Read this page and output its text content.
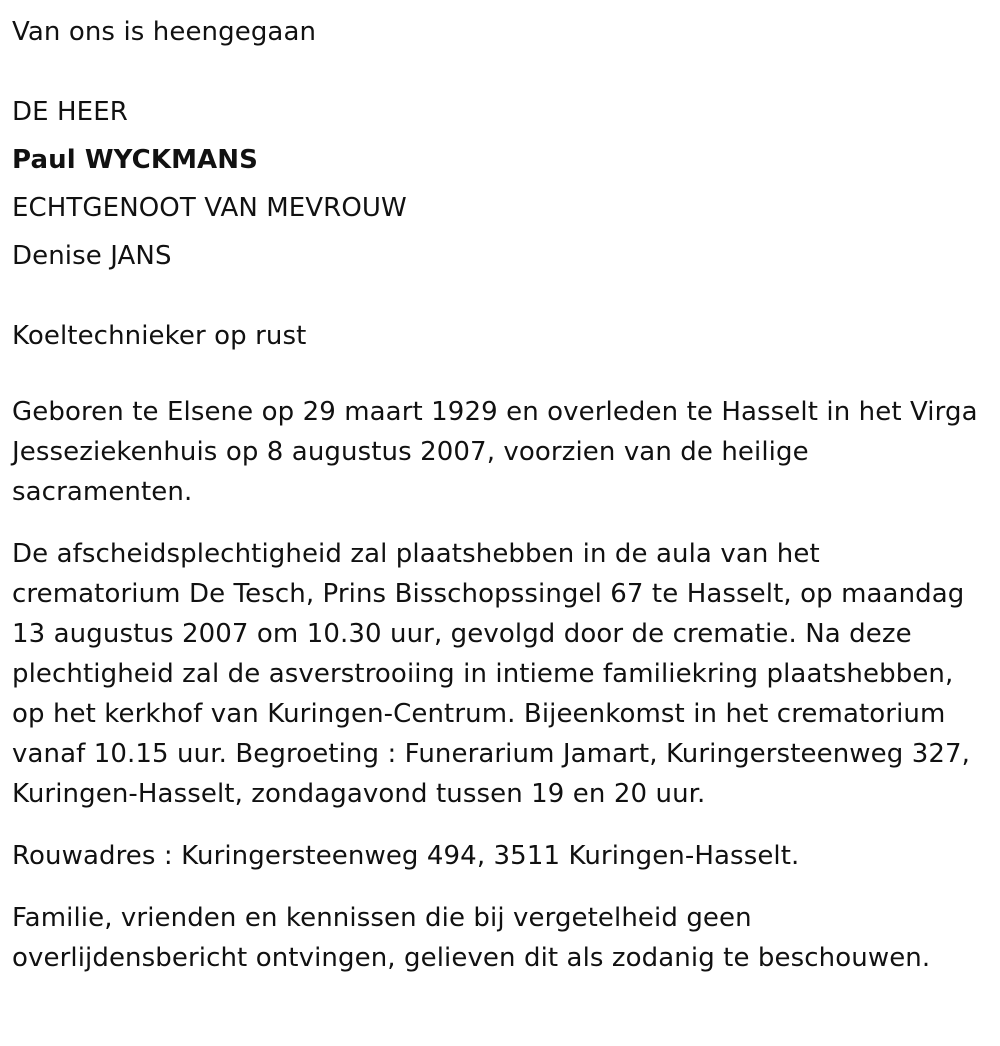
Van ons is heengegaan

DE HEER

Paul WYCKMANS

ECHTGENOOT VAN MEVROUW

Denise JANS

Koeltechnieker op rust

Geboren te Elsene op 29 maart 1929 en overleden te Hasselt in het Virga

Jesseziekenhuis op 8 augustus 2007, voorzien van de heilige

sacramenten.

De afscheidsplechtigheid zal plaatshebben in de aula van het

crematorium De Tesch, Prins Bisschopssingel 67 te Hasselt, op maandag

13 augustus 2007 om 10.30 uur, gevolgd door de crematie. Na deze

plechtigheid zal de asverstrooiing in intieme familiekring plaatshebben,

op het kerkhof van Kuringen-Centrum. Bijeenkomst in het crematorium

vanaf 10.15 uur. Begroeting : Funerarium Jamart, Kuringersteenweg 327,

Kuringen-Hasselt, zondagavond tussen 19 en 20 uur.

Rouwadres : Kuringersteenweg 494, 3511 Kuringen-Hasselt.

Familie, vrienden en kennissen die bij vergetelheid geen

overlijdensbericht ontvingen, gelieven dit als zodanig te beschouwen.
